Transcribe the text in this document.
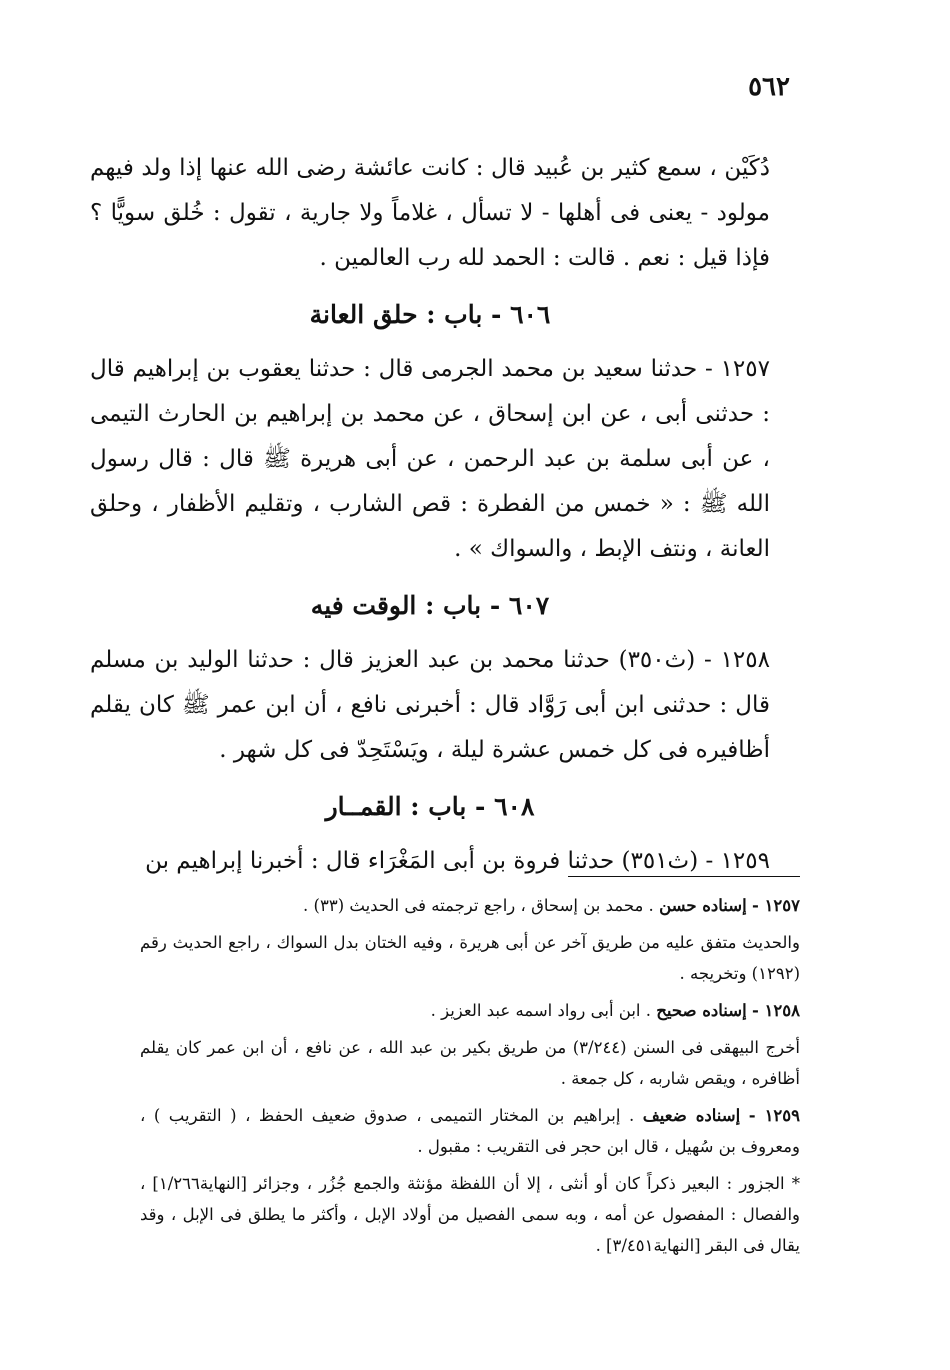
٥٦٢

دُكَيْن ، سمع كثير بن عُبيد قال : كانت عائشة رضى الله عنها إذا ولد فيهم مولود - يعنى فى أهلها - لا تسأل ، غلاماً ولا جارية ، تقول : خُلق سويًّا ؟ فإذا قيل : نعم . قالت : الحمد لله رب العالمين .

٦٠٦ - باب : حلق العانة

١٢٥٧ - حدثنا سعيد بن محمد الجرمى قال : حدثنا يعقوب بن إبراهيم قال : حدثنى أبى ، عن ابن إسحاق ، عن محمد بن إبراهيم بن الحارث التيمى ، عن أبى سلمة بن عبد الرحمن ، عن أبى هريرة ﷺ قال : قال رسول الله ﷺ : « خمس من الفطرة : قص الشارب ، وتقليم الأظفار ، وحلق العانة ، ونتف الإبط ، والسواك » .

٦٠٧ - باب : الوقت فيه

١٢٥٨ - (ث٣٥٠) حدثنا محمد بن عبد العزيز قال : حدثنا الوليد بن مسلم قال : حدثنى ابن أبى رَوَّاد قال : أخبرنى نافع ، أن ابن عمر ﷺ كان يقلم أظافيره فى كل خمس عشرة ليلة ، ويَسْتَحِدّ فى كل شهر .

٦٠٨ - باب : القمــار

١٢٥٩ - (ث٣٥١) حدثنا فروة بن أبى المَغْرَاء قال : أخبرنا إبراهيم بن

١٢٥٧ - إسناده حسن . محمد بن إسحاق ، راجع ترجمته فى الحديث (٣٣) .

والحديث متفق عليه من طريق آخر عن أبى هريرة ، وفيه الختان بدل السواك ، راجع الحديث رقم (١٢٩٢) وتخريجه .

١٢٥٨ - إسناده صحيح . ابن أبى رواد اسمه عبد العزيز .

أخرج البيهقى فى السنن (٣/٢٤٤) من طريق بكير بن عبد الله ، عن نافع ، أن ابن عمر كان يقلم أظافره ، ويقص شاربه ، كل جمعة .

١٢٥٩ - إسناده ضعيف . إبراهيم بن المختار التميمى ، صدوق ضعيف الحفظ ، ( التقريب ) ، ومعروف بن سُهيل ، قال ابن حجر فى التقريب : مقبول .

* الجزور : البعير ذكراً كان أو أنثى ، إلا أن اللفظة مؤنثة والجمع جُزُر ، وجزائر [النهاية١/٢٦٦] ، والفصال : المفصول عن أمه ، وبه سمى الفصيل من أولاد الإبل ، وأكثر ما يطلق فى الإبل ، وقد يقال فى البقر [النهاية٣/٤٥١] .
